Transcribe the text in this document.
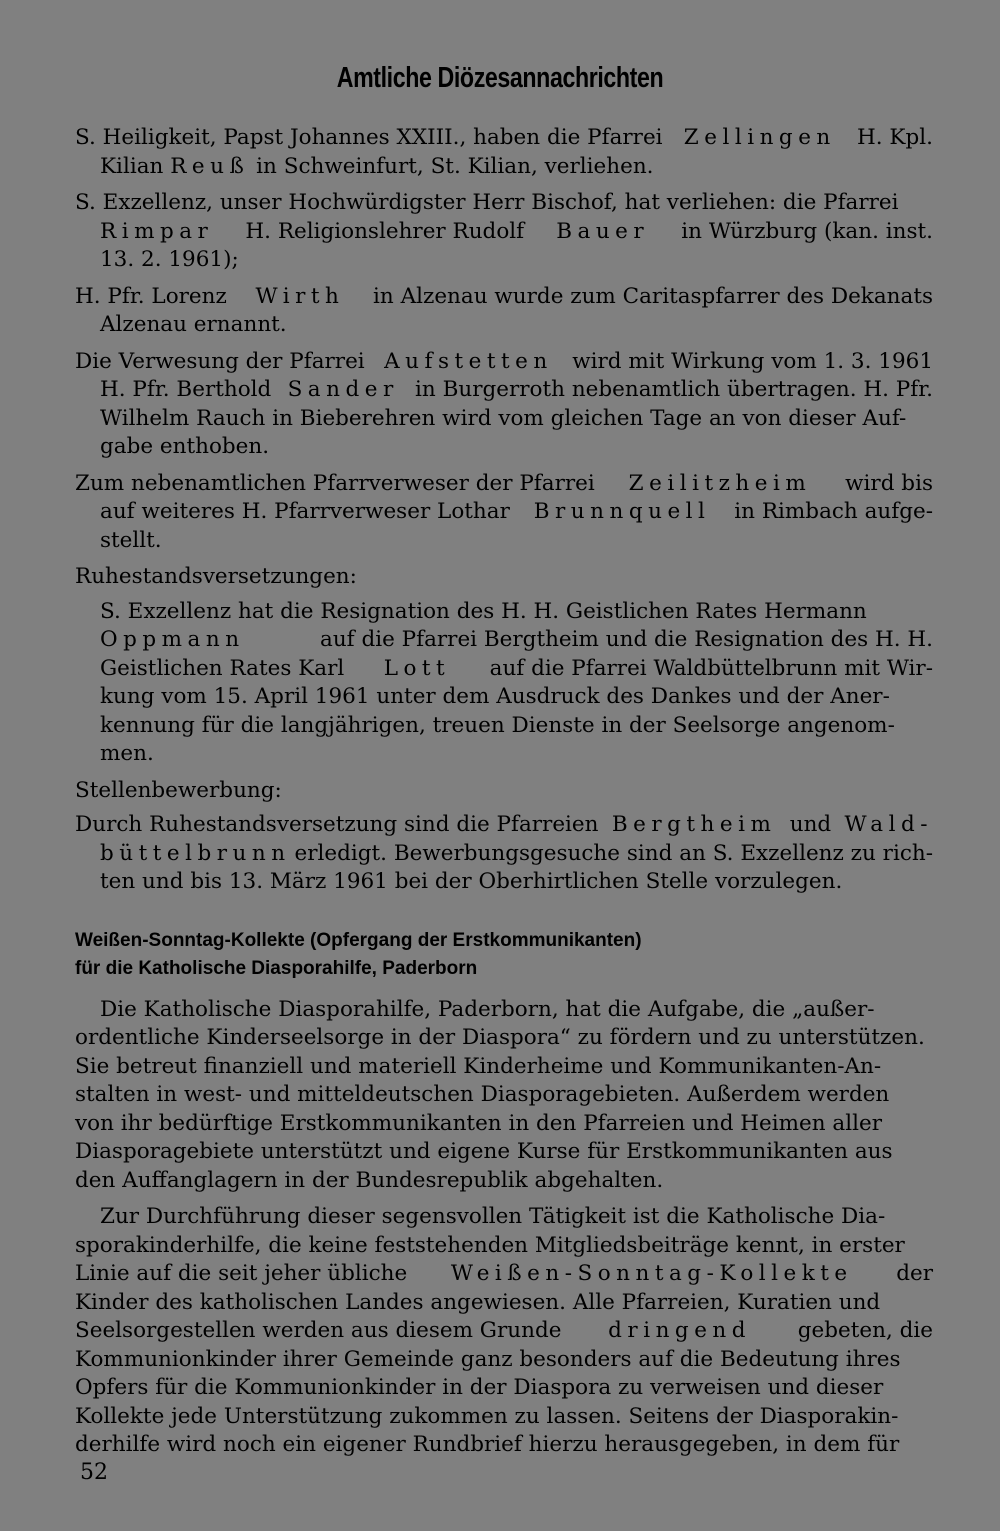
Amtliche Diözesannachrichten
S. Heiligkeit, Papst Johannes XXIII., haben die Pfarrei Zellingen H. Kpl.
Kilian Reuß in Schweinfurt, St. Kilian, verliehen.
S. Exzellenz, unser Hochwürdigster Herr Bischof, hat verliehen: die Pfarrei
Rimpar H. Religionslehrer Rudolf Bauer in Würzburg (kan. inst.
13. 2. 1961);
H. Pfr. Lorenz Wirth in Alzenau wurde zum Caritaspfarrer des Dekanats
Alzenau ernannt.
Die Verwesung der Pfarrei Aufstetten wird mit Wirkung vom 1. 3. 1961
H. Pfr. Berthold Sander in Burgerroth nebenamtlich übertragen. H. Pfr.
Wilhelm Rauch in Bieberehren wird vom gleichen Tage an von dieser Auf-
gabe enthoben.
Zum nebenamtlichen Pfarrverweser der Pfarrei Zeilitzheim wird bis
auf weiteres H. Pfarrverweser Lothar Brunnquell in Rimbach aufge-
stellt.
Ruhestandsversetzungen:
S. Exzellenz hat die Resignation des H. H. Geistlichen Rates Hermann
Oppmann	auf die Pfarrei Bergtheim und die Resignation des H. H.
Geistlichen Rates Karl Lott auf die Pfarrei Waldbüttelbrunn mit Wir-
kung vom 15. April 1961 unter dem Ausdruck des Dankes und der Aner-
kennung für die langjährigen, treuen Dienste in der Seelsorge angenom-
men.
Stellenbewerbung:
Durch Ruhestandsversetzung sind die Pfarreien Bergtheim und Wald-
büttelbrunn erledigt. Bewerbungsgesuche sind an S. Exzellenz zu rich-
ten und bis 13. März 1961 bei der Oberhirtlichen Stelle vorzulegen.
Weißen-Sonntag-Kollekte (Opfergang der Erstkommunikanten)
für die Katholische Diasporahilfe, Paderborn
Die Katholische Diasporahilfe, Paderborn, hat die Aufgabe, die „außer-
ordentliche Kinderseelsorge in der Diaspora“ zu fördern und zu unterstützen.
Sie betreut finanziell und materiell Kinderheime und Kommunikanten-An-
stalten in west- und mitteldeutschen Diasporagebieten. Außerdem werden
von ihr bedürftige Erstkommunikanten in den Pfarreien und Heimen aller
Diasporagebiete unterstützt und eigene Kurse für Erstkommunikanten aus
den Auffanglagern in der Bundesrepublik abgehalten.
Zur Durchführung dieser segensvollen Tätigkeit ist die Katholische Dia-
sporakinderhilfe, die keine feststehenden Mitgliedsbeiträge kennt, in erster
Linie auf die seit jeher übliche Weißen-Sonntag-Kollekte der
Kinder des katholischen Landes angewiesen. Alle Pfarreien, Kuratien und
Seelsorgestellen werden aus diesem Grunde dringend gebeten, die
Kommunionkinder ihrer Gemeinde ganz besonders auf die Bedeutung ihres
Opfers für die Kommunionkinder in der Diaspora zu verweisen und dieser
Kollekte jede Unterstützung zukommen zu lassen. Seitens der Diasporakin-
derhilfe wird noch ein eigener Rundbrief hierzu herausgegeben, in dem für
52
